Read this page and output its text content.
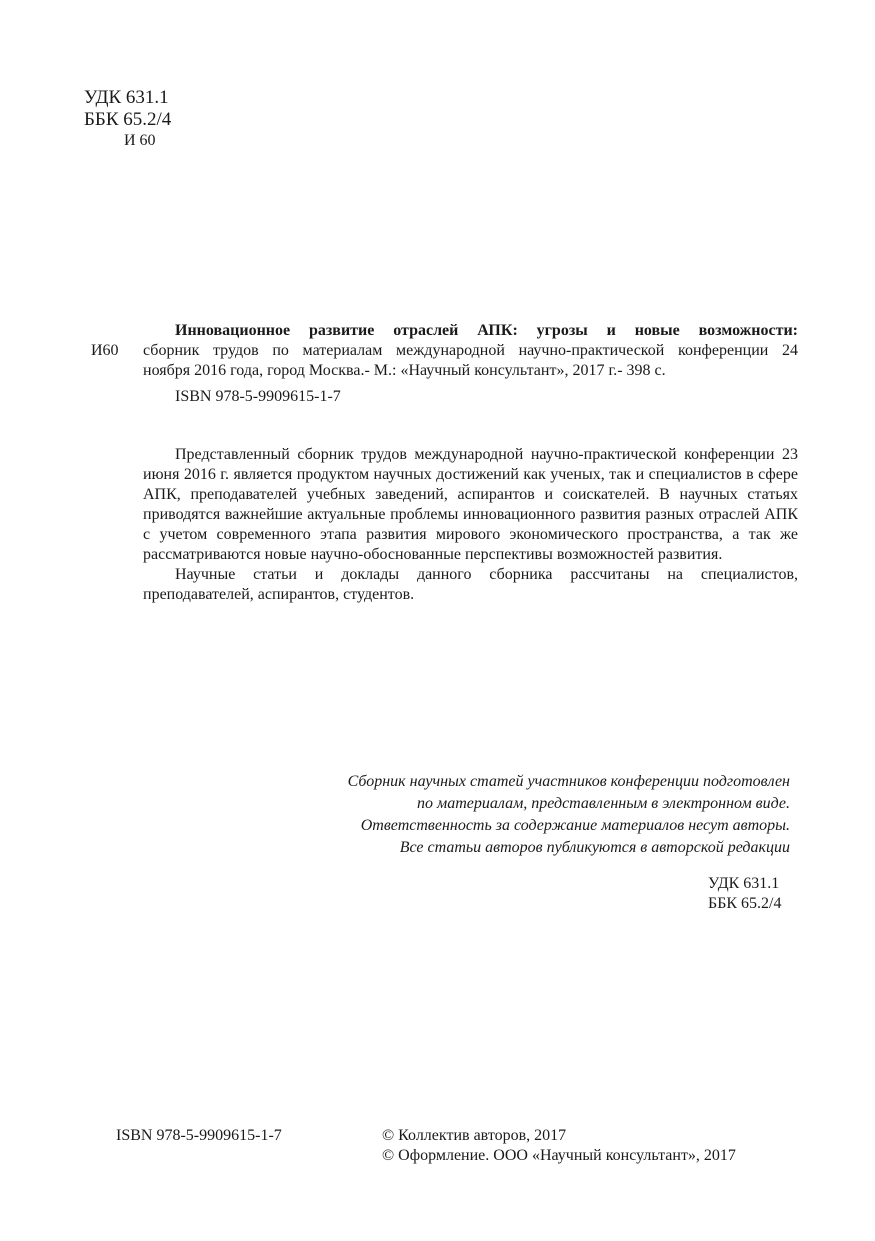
УДК 631.1
ББК 65.2/4
И 60
И60
Инновационное развитие отраслей АПК: угрозы и новые возможности:
сборник трудов по материалам международной научно-практической конференции 24
ноября 2016 года, город Москва.- М.: «Научный консультант», 2017 г.- 398 с.
ISBN 978-5-9909615-1-7

Представленный сборник трудов международной научно-практической конференции 23 июня 2016 г. является продуктом научных достижений как ученых, так и специалистов в сфере АПК, преподавателей учебных заведений, аспирантов и соискателей. В научных статьях приводятся важнейшие актуальные проблемы инновационного развития разных отраслей АПК с учетом современного этапа развития мирового экономического пространства, а так же рассматриваются новые научно-обоснованные перспективы возможностей развития.

Научные статьи и доклады данного сборника рассчитаны на специалистов, преподавателей, аспирантов, студентов.

Сборник научных статей участников конференции подготовлен
по материалам, представленным в электронном виде.
Ответственность за содержание материалов несут авторы.
Все статьи авторов публикуются в авторской редакции
УДК 631.1
ББК 65.2/4
ISBN 978-5-9909615-1-7	© Коллектив авторов, 2017
© Оформление. ООО «Научный консультант», 2017
